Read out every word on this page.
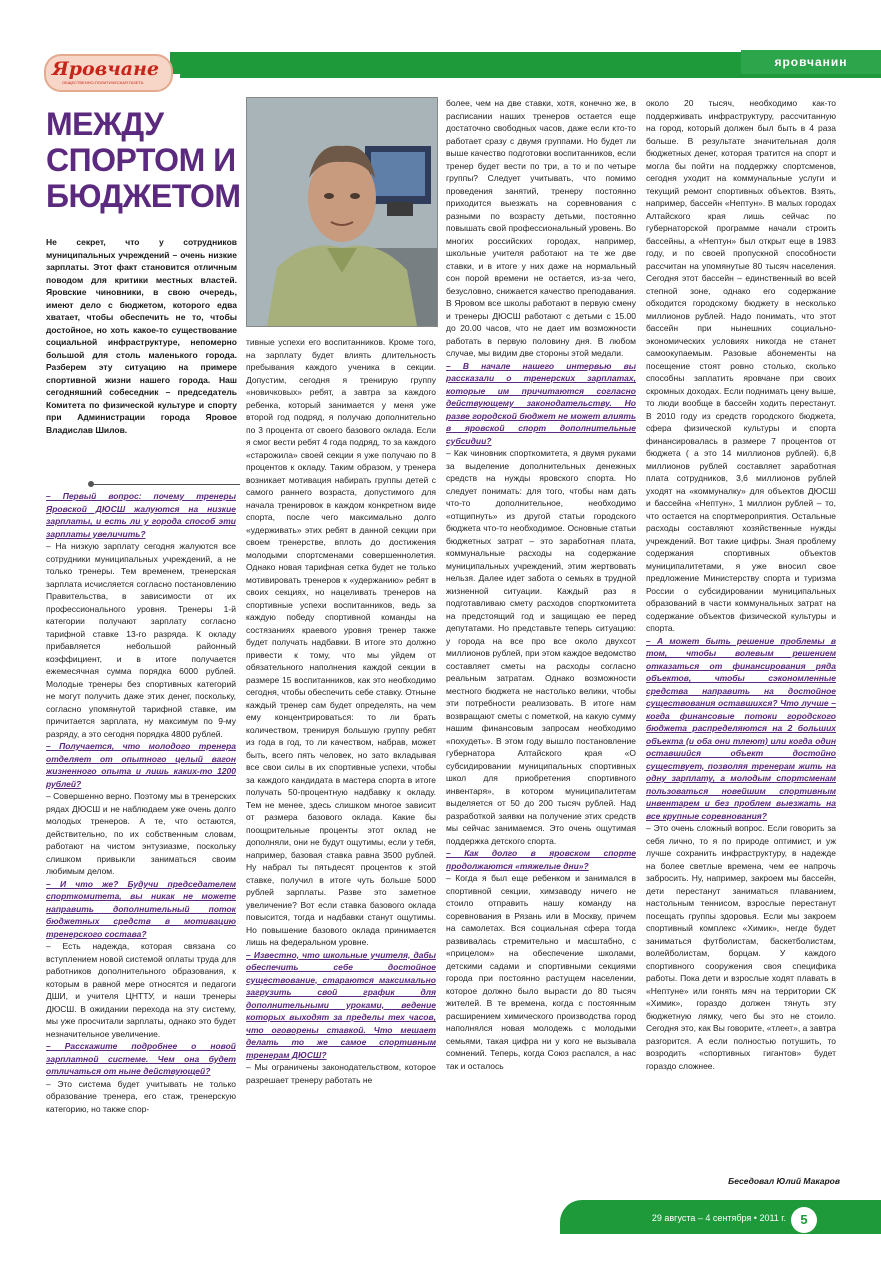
яровчанин
Яровчане
ОБЩЕСТВЕННО-ПОЛИТИЧЕСКАЯ ГАЗЕТА
МЕЖДУ
СПОРТОМ И
БЮДЖЕТОМ
Не секрет, что у сотрудников муниципальных учреждений – очень низкие зарплаты. Этот факт становится отличным поводом для критики местных властей. Яровские чиновники, в свою очередь, имеют дело с бюджетом, которого едва хватает, чтобы обеспечить не то, чтобы достойное, но хоть какое-то существование социальной инфраструктуре, непомерно большой для столь маленького города. Разберем эту ситуацию на примере спортивной жизни нашего города. Наш сегодняшний собеседник – председатель Комитета по физической культуре и спорту при Администрации города Яровое Владислав Шилов.

– Первый вопрос: почему тренеры Яровской ДЮСШ жалуются на низкие зарплаты, и есть ли у города способ эти зарплаты увеличить?

– На низкую зарплату сегодня жалуются все сотрудники муниципальных учреждений, а не только тренеры. Тем временем, тренерская зарплата исчисляется согласно постановлению Правительства, в зависимости от их профессионального уровня. Тренеры 1-й категории получают зарплату согласно тарифной ставке 13-го разряда. К окладу прибавляется небольшой районный коэффициент, и в итоге получается ежемесячная сумма порядка 6000 рублей. Молодые тренеры без спортивных категорий не могут получить даже этих денег, поскольку, согласно упомянутой тарифной ставке, им причитается зарплата, ну максимум по 9-му разряду, а это сегодня порядка 4800 рублей.

– Получается, что молодого тренера отделяет от опытного целый вагон жизненного опыта и лишь каких-то 1200 рублей?

– Совершенно верно. Поэтому мы в тренерских рядах ДЮСШ и не наблюдаем уже очень долго молодых тренеров. А те, что остаются, действительно, по их собственным словам, работают на чистом энтузиазме, поскольку слишком привыкли заниматься своим любимым делом.

– И что же? Будучи председателем спорткомитета, вы никак не можете направить дополнительный поток бюджетных средств в мотивацию тренерского состава?

– Есть надежда, которая связана со вступлением новой системой оплаты труда для работников дополнительного образования, к которым в равной мере относятся и педагоги ДШИ, и учителя ЦНТТУ, и наши тренеры ДЮСШ. В ожидании перехода на эту систему, мы уже просчитали зарплаты, однако это будет незначительное увеличение.

– Расскажите подробнее о новой зарплатной системе. Чем она будет отличаться от ныне действующей?

– Это система будет учитывать не только образование тренера, его стаж, тренерскую категорию, но также спор-

тивные успехи его воспитанников. Кроме того, на зарплату будет влиять длительность пребывания каждого ученика в секции. Допустим, сегодня я тренирую группу «новичковых» ребят, а завтра за каждого ребенка, который занимается у меня уже второй год подряд, я получаю дополнительно по 3 процента от своего базового оклада. Если я смог вести ребят 4 года подряд, то за каждого «старожила» своей секции я уже получаю по 8 процентов к окладу. Таким образом, у тренера возникает мотивация набирать группы детей с самого раннего возраста, допустимого для начала тренировок в каждом конкретном виде спорта, после чего максимально долго «удерживать» этих ребят в данной секции при своем тренерстве, вплоть до достижения молодыми спортсменами совершеннолетия. Однако новая тарифная сетка будет не только мотивировать тренеров к «удержанию» ребят в своих секциях, но нацеливать тренеров на спортивные успехи воспитанников, ведь за каждую победу спортивной команды на состязаниях краевого уровня тренер также будет получать надбавки. В итоге это должно привести к тому, что мы уйдем от обязательного наполнения каждой секции в размере 15 воспитанников, как это необходимо сегодня, чтобы обеспечить себе ставку. Отныне каждый тренер сам будет определять, на чем ему концентрироваться: то ли брать количеством, тренируя большую группу ребят из года в год, то ли качеством, набрав, может быть, всего пять человек, но зато вкладывая все свои силы в их спортивные успехи, чтобы за каждого кандидата в мастера спорта в итоге получать 50-процентную надбавку к окладу. Тем не менее, здесь слишком многое зависит от размера базового оклада. Какие бы поощрительные проценты этот оклад не дополняли, они не будут ощутимы, если у тебя, например, базовая ставка равна 3500 рублей. Ну набрал ты пятьдесят процентов к этой ставке, получил в итоге чуть больше 5000 рублей зарплаты. Разве это заметное увеличение? Вот если ставка базового оклада повысится, тогда и надбавки станут ощутимы. Но повышение базового оклада принимается лишь на федеральном уровне.

– Известно, что школьные учителя, дабы обеспечить себе достойное существование, стараются максимально загрузить свой график для дополнительными уроками, ведение которых выходят за пределы тех часов, что оговорены ставкой. Что мешает делать то же самое спортивным тренерам ДЮСШ?

– Мы ограничены законодательством, которое разрешает тренеру работать не

более, чем на две ставки, хотя, конечно же, в расписании наших тренеров остается еще достаточно свободных часов, даже если кто-то работает сразу с двумя группами. Но будет ли выше качество подготовки воспитанников, если тренер будет вести по три, а то и по четыре группы? Следует учитывать, что помимо проведения занятий, тренеру постоянно приходится выезжать на соревнования с разными по возрасту детьми, постоянно повышать свой профессиональный уровень. Во многих российских городах, например, школьные учителя работают на те же две ставки, и в итоге у них даже на нормальный сон порой времени не остается, из-за чего, безусловно, снижается качество преподавания. В Яровом все школы работают в первую смену и тренеры ДЮСШ работают с детьми с 15.00 до 20.00 часов, что не дает им возможности работать в первую половину дня. В любом случае, мы видим две стороны этой медали.

– В начале нашего интервью вы рассказали о тренерских зарплатах, которые им причитаются согласно действующему законодательству. Но разве городской бюджет не может влиять в яровской спорт дополнительные субсидии?

– Как чиновник спорткомитета, я двумя руками за выделение дополнительных денежных средств на нужды яровского спорта. Но следует понимать: для того, чтобы нам дать что-то дополнительное, необходимо «отщипнуть» из другой статьи городского бюджета что-то необходимое. Основные статьи бюджетных затрат – это заработная плата, коммунальные расходы на содержание муниципальных учреждений, этим жертвовать нельзя. Далее идет забота о семьях в трудной жизненной ситуации. Каждый раз я подготавливаю смету расходов спорткомитета на предстоящий год и защищаю ее перед депутатами. Но представьте теперь ситуацию: у города на все про все около двухсот миллионов рублей, при этом каждое ведомство составляет сметы на расходы согласно реальным затратам. Однако возможности местного бюджета не настолько велики, чтобы эти потребности реализовать. В итоге нам возвращают сметы с пометкой, на какую сумму нашим финансовым запросам необходимо «похудеть». В этом году вышло постановление губернатора Алтайского края «О субсидировании муниципальных спортивных школ для приобретения спортивного инвентаря», в котором муниципалитетам выделяется от 50 до 200 тысяч рублей. Над разработкой заявки на получение этих средств мы сейчас занимаемся. Это очень ощутимая поддержка детского спорта.

– Как долго в яровском спорте продолжаются «тяжелые дни»?

– Когда я был еще ребенком и занимался в спортивной секции, химзаводу ничего не стоило отправить нашу команду на соревнования в Рязань или в Москву, причем на самолетах. Вся социальная сфера тогда развивалась стремительно и масштабно, с «прицелом» на обеспечение школами, детскими садами и спортивными секциями города при постоянно растущем населении, которое должно было вырасти до 80 тысяч жителей. В те времена, когда с постоянным расширением химического производства город наполнялся новая молодежь с молодыми семьями, такая цифра ни у кого не вызывала сомнений. Теперь, когда Союз распался, а нас так и осталось

около 20 тысяч, необходимо как-то поддерживать инфраструктуру, рассчитанную на город, который должен был быть в 4 раза больше. В результате значительная доля бюджетных денег, которая тратится на спорт и могла бы пойти на поддержку спортсменов, сегодня уходит на коммунальные услуги и текущий ремонт спортивных объектов. Взять, например, бассейн «Нептун». В малых городах Алтайского края лишь сейчас по губернаторской программе начали строить бассейны, а «Нептун» был открыт еще в 1983 году, и по своей пропускной способности рассчитан на упомянутые 80 тысяч населения. Сегодня этот бассейн – единственный во всей степной зоне, однако его содержание обходится городскому бюджету в несколько миллионов рублей. Надо понимать, что этот бассейн при нынешних социально-экономических условиях никогда не станет самоокупаемым. Разовые абонементы на посещение стоят ровно столько, сколько способны заплатить яровчане при своих скромных доходах. Если поднимать цену выше, то люди вообще в бассейн ходить перестанут. В 2010 году из средств городского бюджета, сфера физической культуры и спорта финансировалась в размере 7 процентов от бюджета ( а это 14 миллионов рублей). 6,8 миллионов рублей составляет заработная плата сотрудников, 3,6 миллионов рублей уходят на «коммуналку» для объектов ДЮСШ и бассейна «Нептун», 1 миллион рублей – то, что остается на спортмероприятия. Остальные расходы составляют хозяйственные нужды учреждений. Вот такие цифры. Зная проблему содержания спортивных объектов муниципалитетами, я уже вносил свое предложение Министерству спорта и туризма России о субсидировании муниципальных образований в части коммунальных затрат на содержание объектов физической культуры и спорта.

– А может быть решение проблемы в том, чтобы волевым решением отказаться от финансирования ряда объектов, чтобы сэкономленные средства направить на достойное существования оставшихся? Что лучше – когда финансовые потоки городского бюджета распределяются на 2 больших объекта (и оба они тлеют) или когда один оставшийся объект достойно существует, позволяя тренерам жить на одну зарплату, а молодым спортсменам пользоваться новейшим спортивным инвентарем и без проблем выезжать на все крупные соревнования?

– Это очень сложный вопрос. Если говорить за себя лично, то я по природе оптимист, и уж лучше сохранить инфраструктуру, в надежде на более светлые времена, чем ее напрочь забросить. Ну, например, закроем мы бассейн, дети перестанут заниматься плаванием, настольным теннисом, взрослые перестанут посещать группы здоровья. Если мы закроем спортивный комплекс «Химик», негде будет заниматься футболистам, баскетболистам, волейболистам, борцам. У каждого спортивного сооружения своя специфика работы. Пока дети и взрослые ходят плавать в «Нептуне» или гонять мяч на территории СК «Химик», гораздо должен тянуть эту бюджетную лямку, чего бы это не стоило. Сегодня это, как Вы говорите, «тлеет», а завтра разгорится. А если полностью потушить, то возродить «спортивных гигантов» будет гораздо сложнее.

Беседовал Юлий Макаров
29 августа – 4 сентября • 2011 г.	5
